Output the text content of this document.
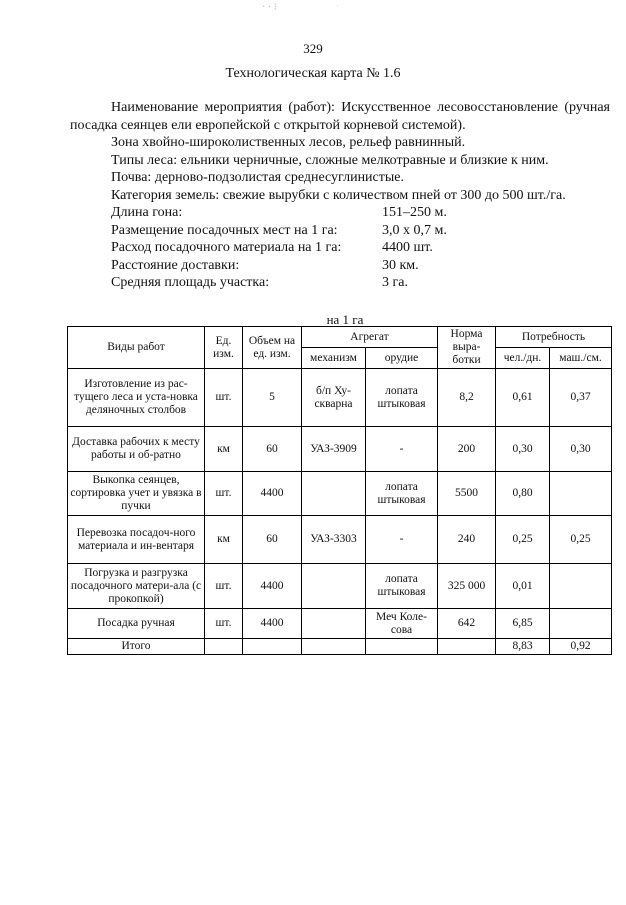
· · ⁝	˙
329
Технологическая карта № 1.6

Наименование мероприятия (работ): Искусственное лесовосстановление (ручная посадка сеянцев ели европейской с открытой корневой системой).

Зона хвойно-широколиственных лесов, рельеф равнинный.

Типы леса: ельники черничные, сложные мелкотравные и близкие к ним.

Почва: дерново-подзолистая среднесуглинистые.

Категория земель: свежие вырубки с количеством пней от 300 до 500 шт./га.

Длина гона:	151–250 м.
Размещение посадочных мест на 1 га:	3,0 х 0,7 м.
Расход посадочного материала на 1 га:	4400 шт.
Расстояние доставки:	30 км.
Средняя площадь участка:	3 га.
на 1 га
Виды работ	Ед. изм.	Объем на ед. изм.	Агрегат		Норма выра-ботки	Потребность	
			механизм	орудие		чел./дн.	маш./см.
Изготовление из рас-тущего леса и уста-новка деляночных столбов	шт.	5	б/п Ху-скварна	лопата штыковая	8,2	0,61	0,37
Доставка рабочих к месту работы и об-ратно	км	60	УАЗ-3909	-	200	0,30	0,30
Выкопка сеянцев, сортировка учет и увязка в пучки	шт.	4400		лопата штыковая	5500	0,80	
Перевозка посадоч-ного материала и ин-вентаря	км	60	УАЗ-3303	-	240	0,25	0,25
Погрузка и разгрузка посадочного матери-ала (с прокопкой)	шт.	4400		лопата штыковая	325 000	0,01	
Посадка ручная	шт.	4400		Меч Коле-сова	642	6,85	
Итого						8,83	0,92
